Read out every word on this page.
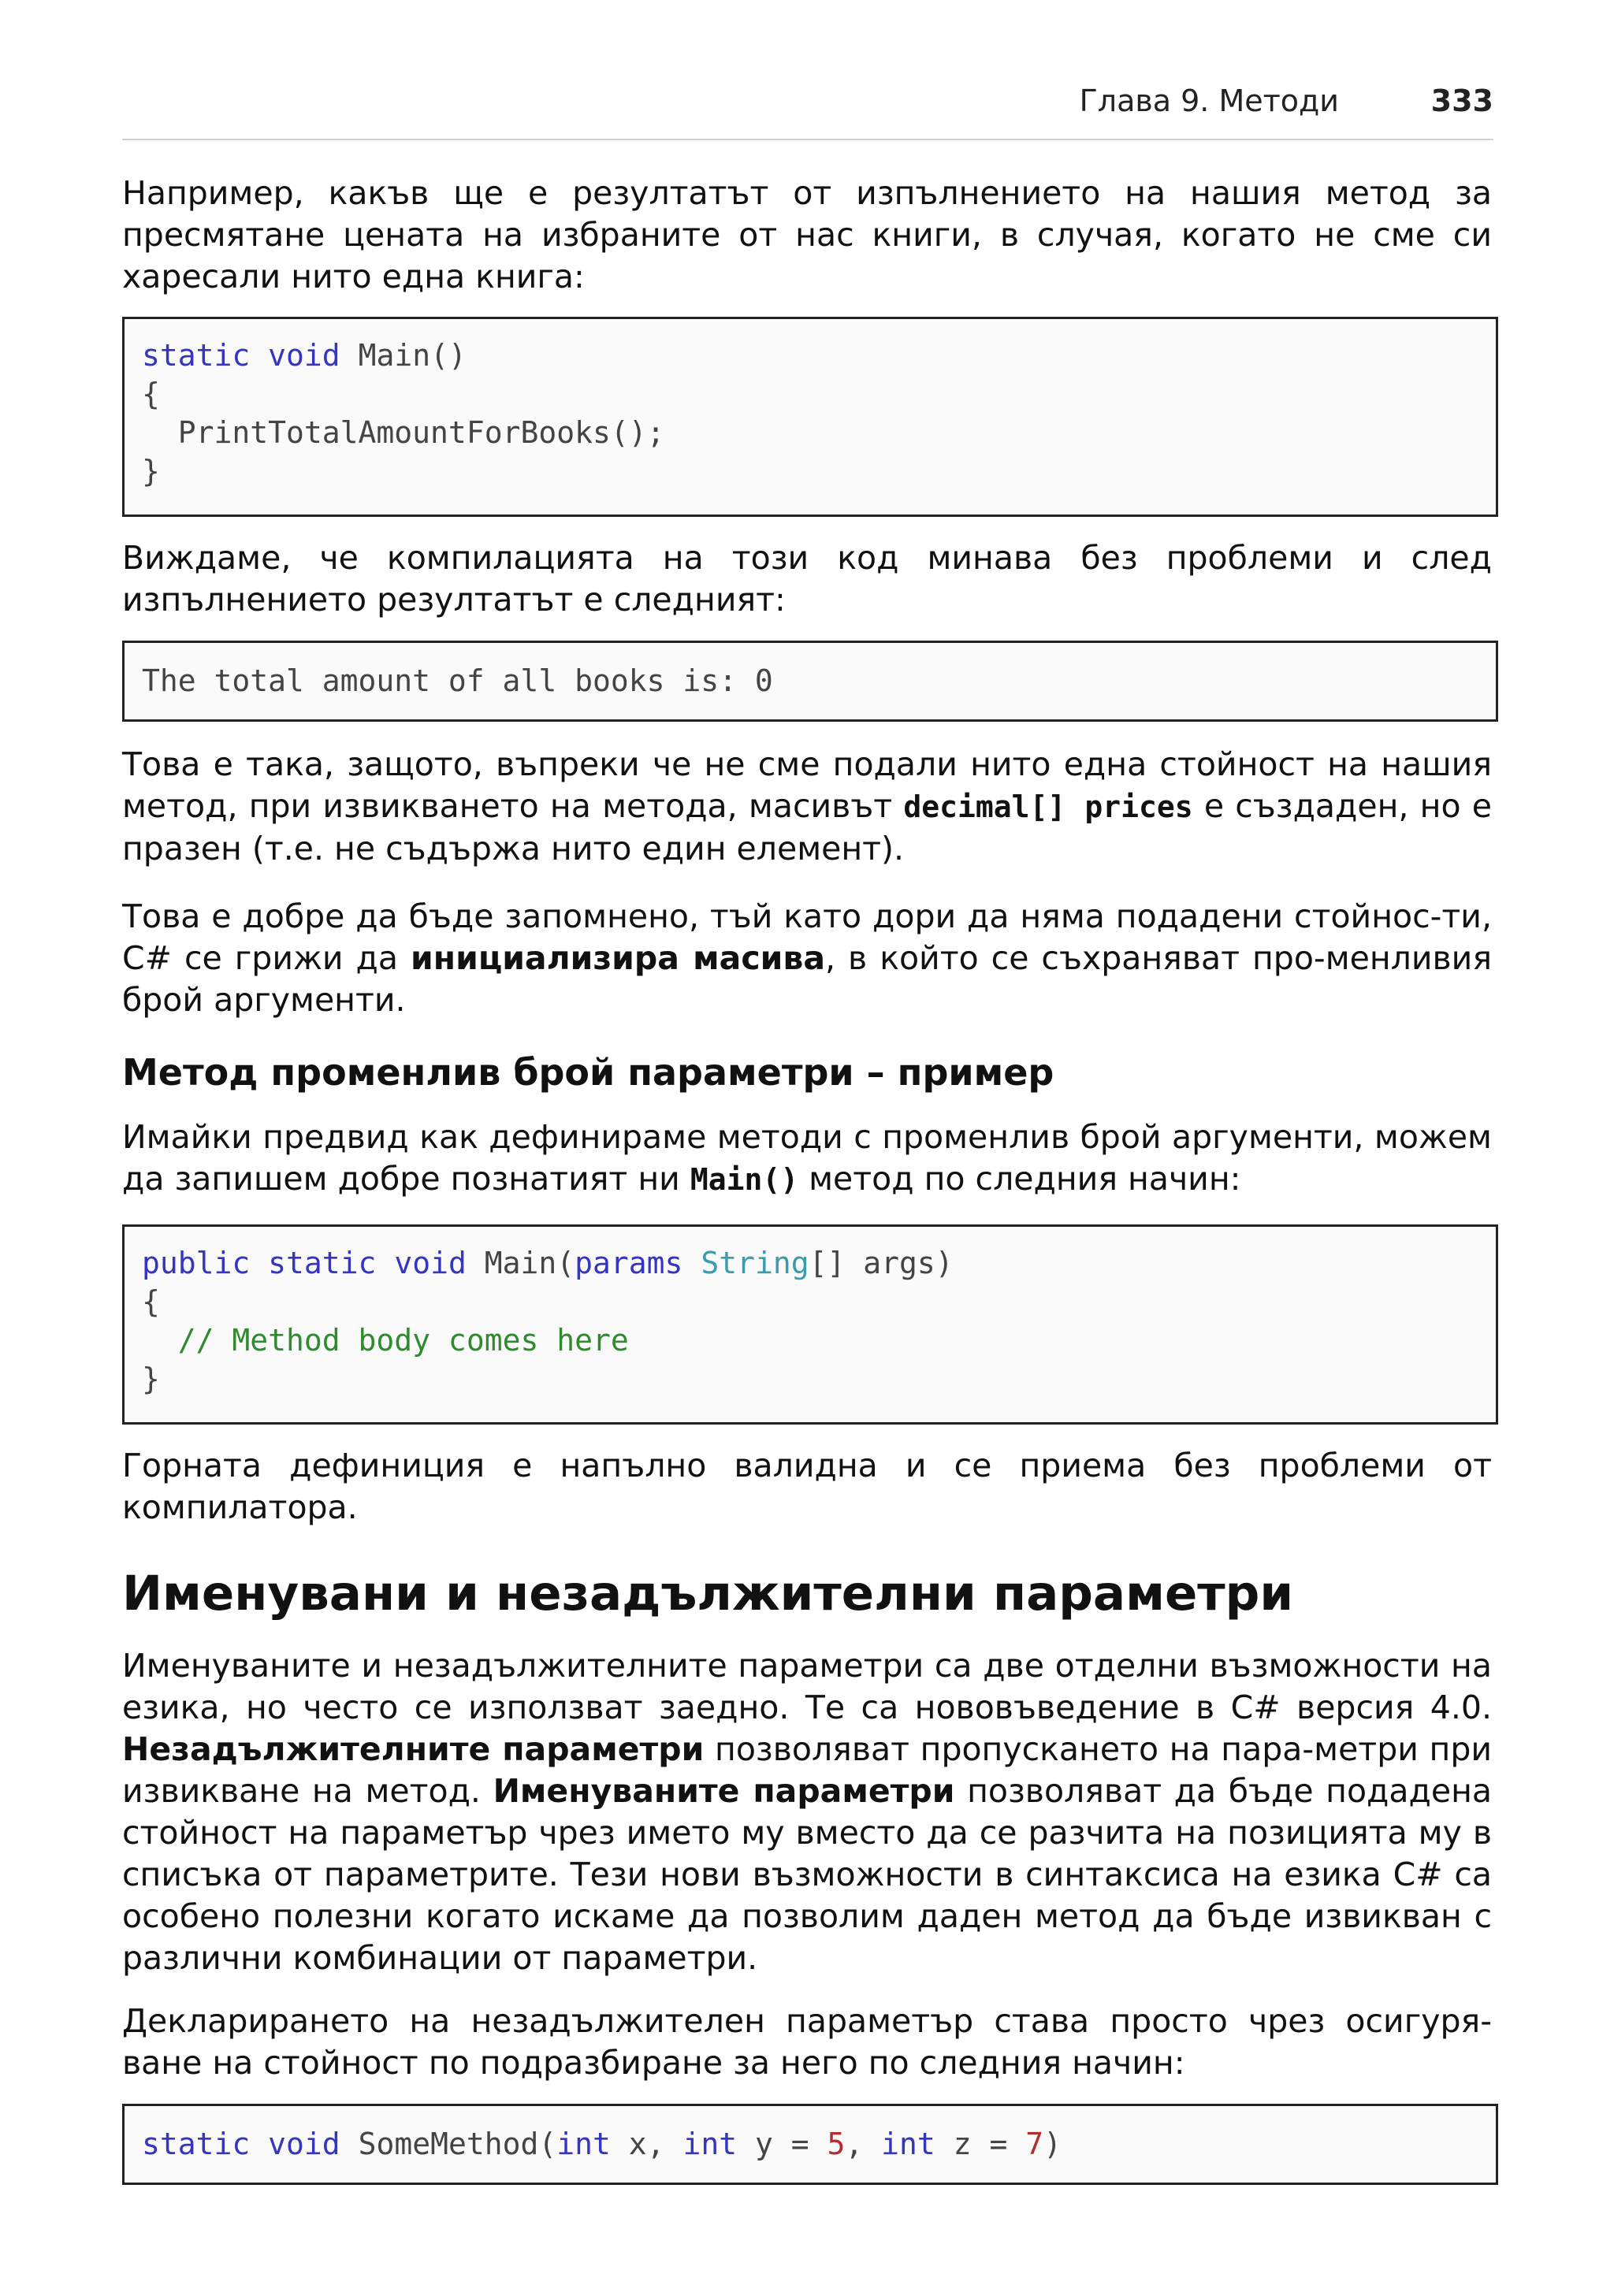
Глава 9. Методи	333

Например, какъв ще е резултатът от изпълнението на нашия метод за пресмятане цената на избраните от нас книги, в случая, когато не сме си харесали нито една книга:

static void Main()
{
PrintTotalAmountForBooks();
}

Виждаме, че компилацията на този код минава без проблеми и след изпълнението резултатът е следният:

The total amount of all books is: 0

Това е така, защото, въпреки че не сме подали нито една стойност на нашия метод, при извикването на метода, масивът decimal[] prices е създаден, но е празен (т.е. не съдържа нито един елемент).

Това е добре да бъде запомнено, тъй като дори да няма подадени стойнос-ти, C# се грижи да инициализира масива, в който се съхраняват про-менливия брой аргументи.

Метод променлив брой параметри – пример

Имайки предвид как дефинираме методи с променлив брой аргументи, можем да запишем добре познатият ни Main() метод по следния начин:

public static void Main(params String[] args)
{
// Method body comes here
}

Горната дефиниция е напълно валидна и се приема без проблеми от компилатора.

Именувани и незадължителни параметри

Именуваните и незадължителните параметри са две отделни възможности на езика, но често се използват заедно. Те са нововъведение в C# версия 4.0. Незадължителните параметри позволяват пропускането на пара-метри при извикване на метод. Именуваните параметри позволяват да бъде подадена стойност на параметър чрез името му вместо да се разчита на позицията му в списъка от параметрите. Тези нови възможности в синтаксиса на езика C# са особено полезни когато искаме да позволим даден метод да бъде извикван с различни комбинации от параметри.

Декларирането на незадължителен параметър става просто чрез осигуря-ване на стойност по подразбиране за него по следния начин:

static void SomeMethod(int x, int y = 5, int z = 7)
